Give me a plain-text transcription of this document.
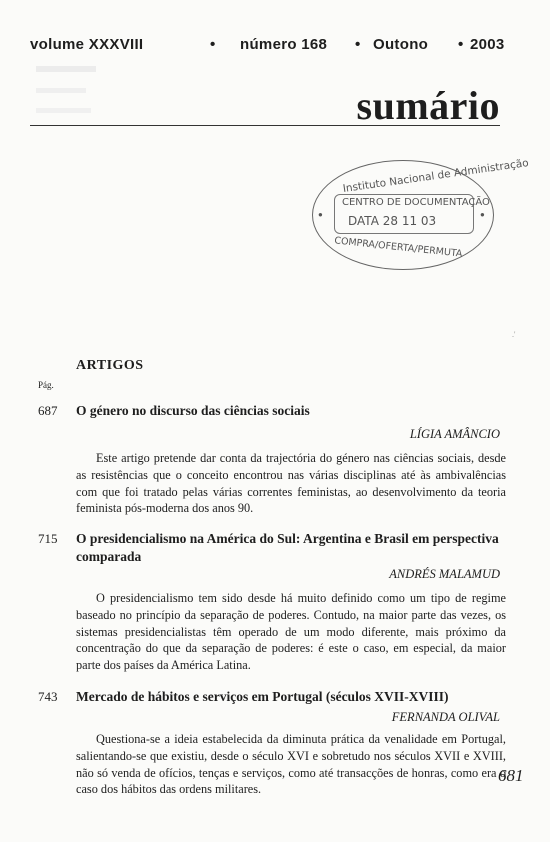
volume XXXVIII	• número 168 • Outono • 2003
sumário
Instituto Nacional de Administração
CENTRO DE DOCUMENTAÇÃO
DATA 28 11 03
COMPRA/OFERTA/PERMUTA
●	●
.'
ARTIGOS
Pág.
687 O género no discurso das ciências sociais
LÍGIA AMÂNCIO

Este artigo pretende dar conta da trajectória do género nas ciências sociais, desde as resistências que o conceito encontrou nas várias disciplinas até às ambivalências com que foi tratado pelas várias correntes feministas, ao desenvolvimento da teoria feminista pós-moderna dos anos 90.

715 O presidencialismo na América do Sul: Argentina e Brasil em perspectiva comparada
ANDRÉS MALAMUD

O presidencialismo tem sido desde há muito definido como um tipo de regime baseado no princípio da separação de poderes. Contudo, na maior parte das vezes, os sistemas presidencialistas têm operado de um modo diferente, mais próximo da concentração do que da separação de poderes: é este o caso, em especial, da maior parte dos países da América Latina.

743 Mercado de hábitos e serviços em Portugal (séculos XVII-XVIII)
FERNANDA OLIVAL

Questiona-se a ideia estabelecida da diminuta prática da venalidade em Portugal, salientando-se que existiu, desde o século XVI e sobretudo nos séculos XVII e XVIII, não só venda de ofícios, tenças e serviços, como até transacções de honras, como era o caso dos hábitos das ordens militares.

681
